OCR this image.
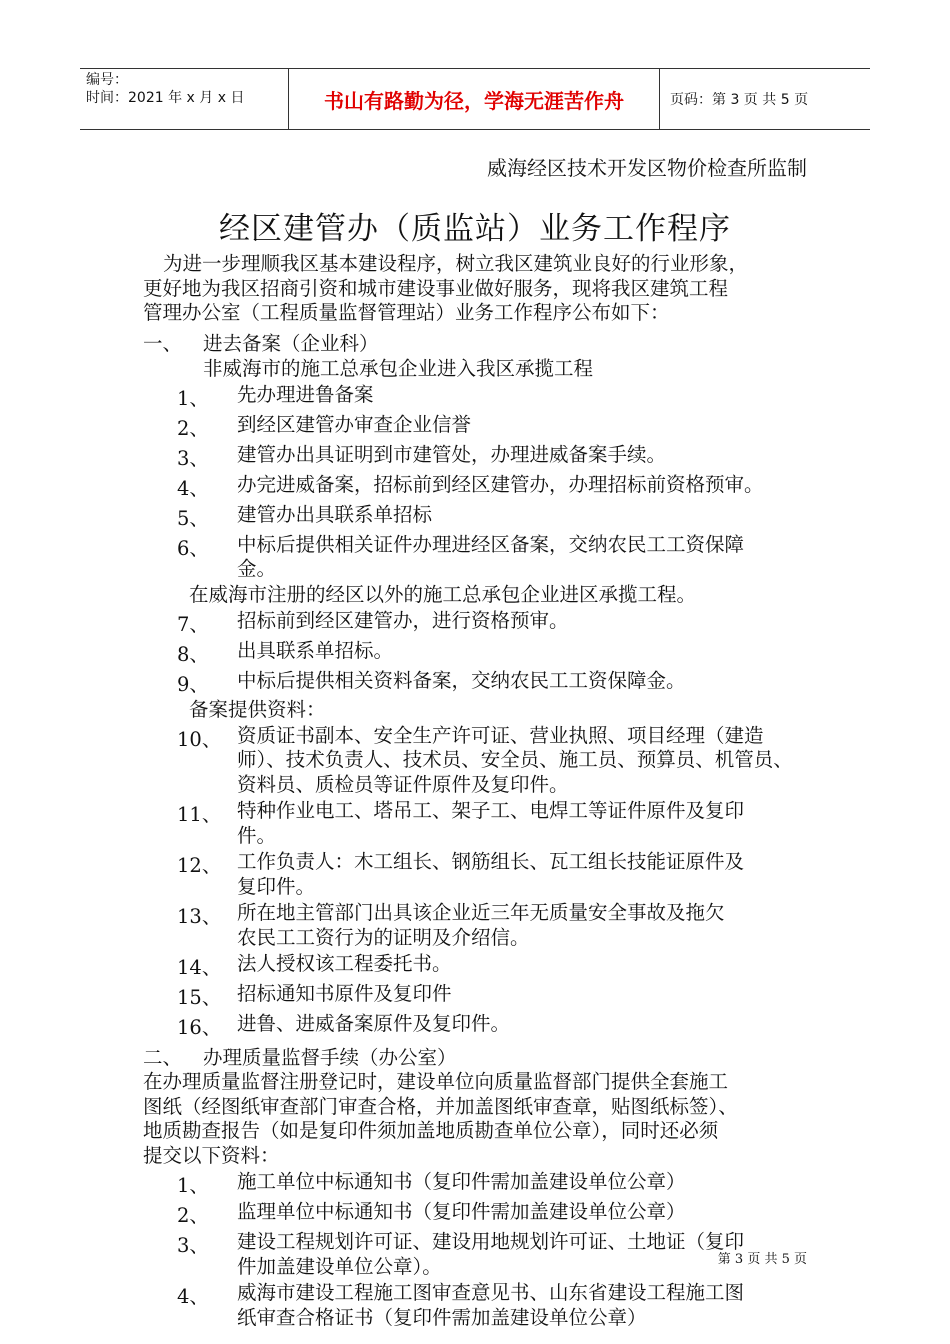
编号：
时间：2021 年 x 月 x 日	书山有路勤为径，学海无涯苦作舟	页码：第 3 页 共 5 页
威海经区技术开发区物价检查所监制
经区建管办（质监站）业务工作程序
为进一步理顺我区基本建设程序，树立我区建筑业良好的行业形象，
更好地为我区招商引资和城市建设事业做好服务，现将我区建筑工程
管理办公室（工程质量监督管理站）业务工作程序公布如下：
一、	进去备案（企业科）
非威海市的施工总承包企业进入我区承揽工程
1、	先办理进鲁备案
2、	到经区建管办审查企业信誉
3、	建管办出具证明到市建管处，办理进威备案手续。
4、	办完进威备案，招标前到经区建管办，办理招标前资格预审。
5、	建管办出具联系单招标
6、	中标后提供相关证件办理进经区备案，交纳农民工工资保障
金。
在威海市注册的经区以外的施工总承包企业进区承揽工程。
7、	招标前到经区建管办，进行资格预审。
8、	出具联系单招标。
9、	中标后提供相关资料备案，交纳农民工工资保障金。
备案提供资料：
10、 资质证书副本、安全生产许可证、营业执照、项目经理（建造
师）、技术负责人、技术员、安全员、施工员、预算员、机管员、
资料员、质检员等证件原件及复印件。
11、 特种作业电工、塔吊工、架子工、电焊工等证件原件及复印
件。
12、 工作负责人：木工组长、钢筋组长、瓦工组长技能证原件及
复印件。
13、 所在地主管部门出具该企业近三年无质量安全事故及拖欠
农民工工资行为的证明及介绍信。
14、 法人授权该工程委托书。
15、 招标通知书原件及复印件
16、 进鲁、进威备案原件及复印件。
二、	办理质量监督手续（办公室）
在办理质量监督注册登记时，建设单位向质量监督部门提供全套施工
图纸（经图纸审查部门审查合格，并加盖图纸审查章，贴图纸标签）、
地质勘查报告（如是复印件须加盖地质勘查单位公章），同时还必须
提交以下资料：
1、	施工单位中标通知书（复印件需加盖建设单位公章）
2、	监理单位中标通知书（复印件需加盖建设单位公章）
3、	建设工程规划许可证、建设用地规划许可证、土地证（复印
件加盖建设单位公章）。
4、	威海市建设工程施工图审查意见书、山东省建设工程施工图
纸审查合格证书（复印件需加盖建设单位公章）
第 3 页 共 5 页
